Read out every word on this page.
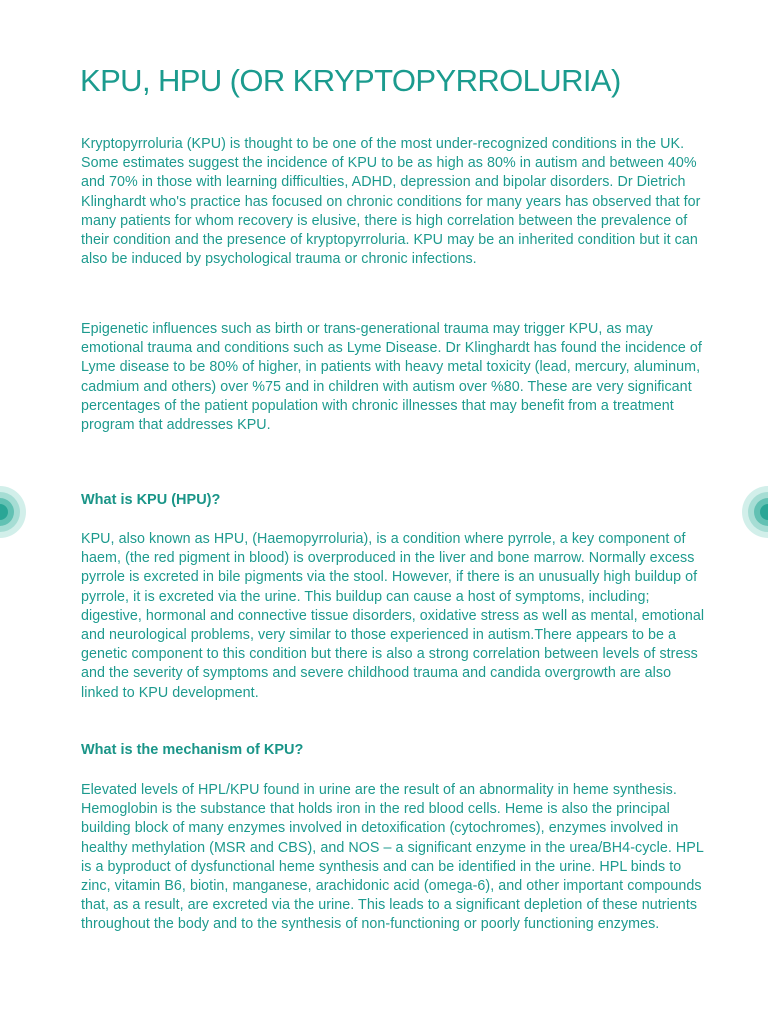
KPU, HPU (OR KRYPTOPYRROLURIA)

Kryptopyrroluria (KPU) is thought to be one of the most under-recognized conditions in the UK. Some estimates suggest the incidence of KPU to be as high as 80% in autism and between 40% and 70% in those with learning difficulties, ADHD, depression and bipolar disorders. Dr Dietrich Klinghardt who's practice has focused on chronic conditions for many years has observed that for many patients for whom recovery is elusive, there is high correlation between the prevalence of their condition and the presence of kryptopyrroluria. KPU may be an inherited condition but it can also be induced by psychological trauma or chronic infections.

Epigenetic influences such as birth or trans-generational trauma may trigger KPU, as may emotional trauma and conditions such as Lyme Disease. Dr Klinghardt has found the incidence of Lyme disease to be 80% of higher, in patients with heavy metal toxicity (lead, mercury, aluminum, cadmium and others) over %75 and in children with autism over %80. These are very significant percentages of the patient population with chronic illnesses that may benefit from a treatment program that addresses KPU.

What is KPU (HPU)?

KPU, also known as HPU, (Haemopyrroluria), is a condition where pyrrole, a key component of haem, (the red pigment in blood) is overproduced in the liver and bone marrow. Normally excess pyrrole is excreted in bile pigments via the stool. However, if there is an unusually high buildup of pyrrole, it is excreted via the urine. This buildup can cause a host of symptoms, including; digestive, hormonal and connective tissue disorders, oxidative stress as well as mental, emotional and neurological problems, very similar to those experienced in autism.There appears to be a genetic component to this condition but there is also a strong correlation between levels of stress and the severity of symptoms and severe childhood trauma and candida overgrowth are also linked to KPU development.

What is the mechanism of KPU?

Elevated levels of HPL/KPU found in urine are the result of an abnormality in heme synthesis. Hemoglobin is the substance that holds iron in the red blood cells. Heme is also the principal building block of many enzymes involved in detoxification (cytochromes), enzymes involved in healthy methylation (MSR and CBS), and NOS – a significant enzyme in the urea/BH4-cycle. HPL is a byproduct of dysfunctional heme synthesis and can be identified in the urine. HPL binds to zinc, vitamin B6, biotin, manganese, arachidonic acid (omega-6), and other important compounds that, as a result, are excreted via the urine. This leads to a significant depletion of these nutrients throughout the body and to the synthesis of non-functioning or poorly functioning enzymes.
